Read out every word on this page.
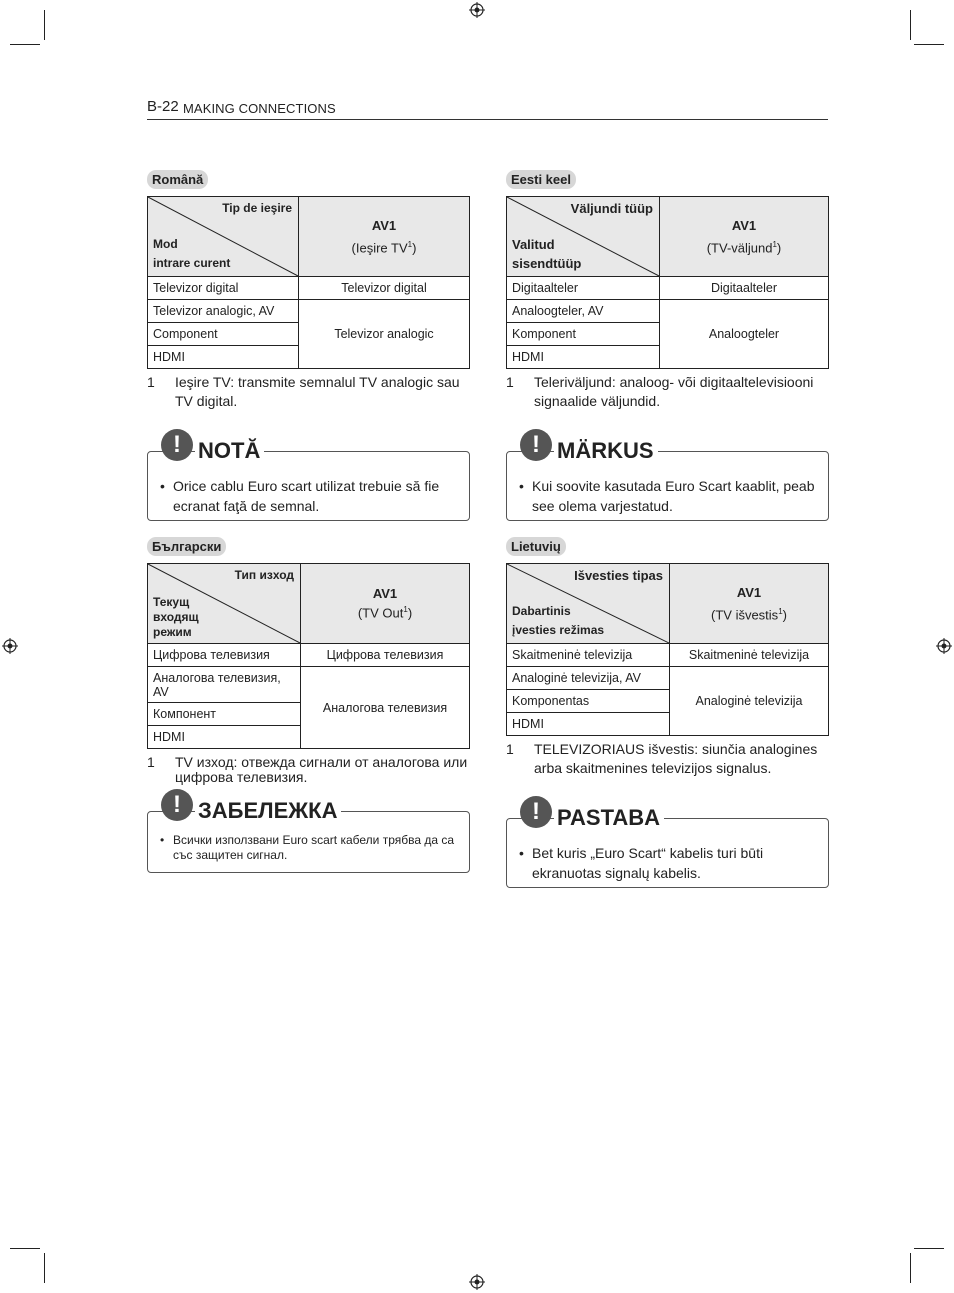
B-22 MAKING CONNECTIONS
Română
Tip de ieşire
Mod
intrare curent	AV1
(Ieşire $TV^1$)
Televizor digital	Televizor digital
Televizor analogic, AV	Televizor analogic
Component	
HDMI	
1	Ieşire TV: transmite semnalul TV analogic sau TV digital.
! NOTĂ
• Orice cablu Euro scart utilizat trebuie să fie ecranat faţă de semnal.
Eesti keel
Väljundi tüüp
Valitud
sisendtüüp	AV1
(TV-väljund$^1$)
Digitaalteler	Digitaalteler
Analoogteler, AV	Analoogteler
Komponent	
HDMI	
1	Teleriväljund: analoog- või digitaaltelevisiooni signaalide väljundid.
! MÄRKUS
• Kui soovite kasutada Euro Scart kaablit, peab see olema varjestatud.
Български
Тип изход
Текущ
входящ
режим	AV1
(TV Out$^1$)
Цифрова телевизия	Цифрова телевизия
Аналогова телевизия, AV	Аналогова телевизия
Компонент	
HDMI	
1	TV изход: отвежда сигнали от аналогова или цифрова телевизия.
! ЗАБЕЛЕЖКА
• Всички използвани Euro scart кабели трябва да са със защитен сигнал.
Lietuvių
Išvesties tipas
Dabartinis
įvesties režimas	AV1
(TV išvestis$^1$)
Skaitmeninė televizija	Skaitmeninė televizija
Analoginė televizija, AV	Analoginė televizija
Komponentas	
HDMI	
1	TELEVIZORIAUS išvestis: siunčia analogines arba skaitmenines televizijos signalus.
! PASTABA
• Bet kuris „Euro Scart“ kabelis turi būti ekranuotas signalų kabelis.
